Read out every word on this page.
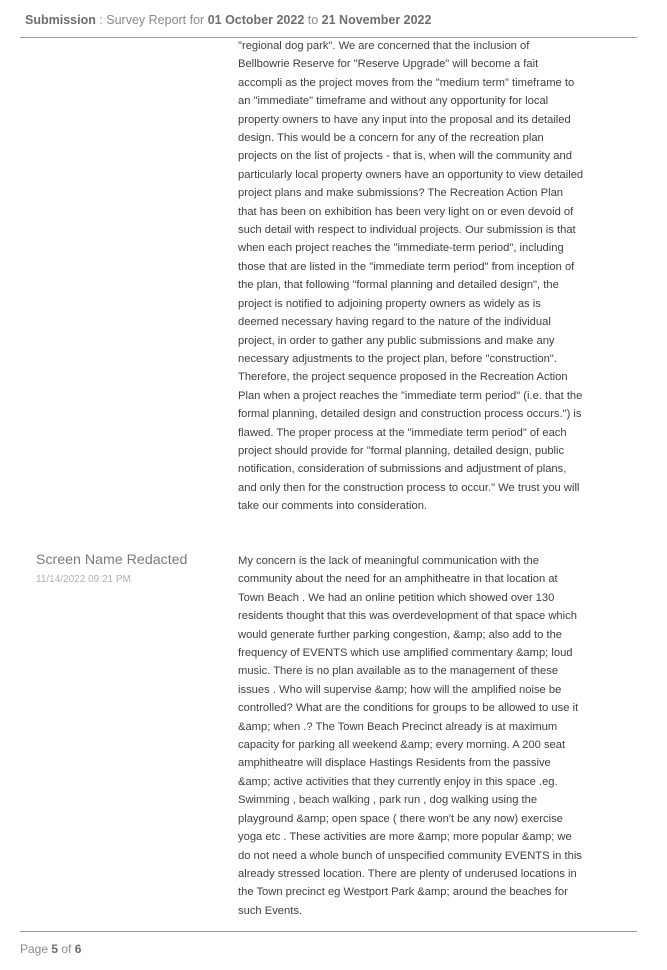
Submission : Survey Report for 01 October 2022 to 21 November 2022

"regional dog park". We are concerned that the inclusion of Bellbowrie Reserve for "Reserve Upgrade" will become a fait accompli as the project moves from the "medium term" timeframe to an "immediate" timeframe and without any opportunity for local property owners to have any input into the proposal and its detailed design. This would be a concern for any of the recreation plan projects on the list of projects - that is, when will the community and particularly local property owners have an opportunity to view detailed project plans and make submissions? The Recreation Action Plan that has been on exhibition has been very light on or even devoid of such detail with respect to individual projects. Our submission is that when each project reaches the "immediate-term period", including those that are listed in the "immediate term period" from inception of the plan, that following "formal planning and detailed design", the project is notified to adjoining property owners as widely as is deemed necessary having regard to the nature of the individual project, in order to gather any public submissions and make any necessary adjustments to the project plan, before "construction". Therefore, the project sequence proposed in the Recreation Action Plan when a project reaches the "immediate term period" (i.e. that the formal planning, detailed design and construction process occurs.") is flawed. The proper process at the "immediate term period" of each project should provide for "formal planning, detailed design, public notification, consideration of submissions and adjustment of plans, and only then for the construction process to occur." We trust you will take our comments into consideration.

Screen Name Redacted
11/14/2022 09:21 PM

My concern is the lack of meaningful communication with the community about the need for an amphitheatre in that location at Town Beach . We had an online petition which showed over 130 residents thought that this was overdevelopment of that space which would generate further parking congestion, &amp; also add to the frequency of EVENTS which use amplified commentary &amp; loud music. There is no plan available as to the management of these issues . Who will supervise &amp; how will the amplified noise be controlled? What are the conditions for groups to be allowed to use it &amp; when .? The Town Beach Precinct already is at maximum capacity for parking all weekend &amp; every morning. A 200 seat amphitheatre will displace Hastings Residents from the passive &amp; active activities that they currently enjoy in this space .eg. Swimming , beach walking , park run , dog walking using the playground &amp; open space ( there won't be any now) exercise yoga etc . These activities are more &amp; more popular &amp; we do not need a whole bunch of unspecified community EVENTS in this already stressed location. There are plenty of underused locations in the Town precinct eg Westport Park &amp; around the beaches for such Events.

Page 5 of 6
